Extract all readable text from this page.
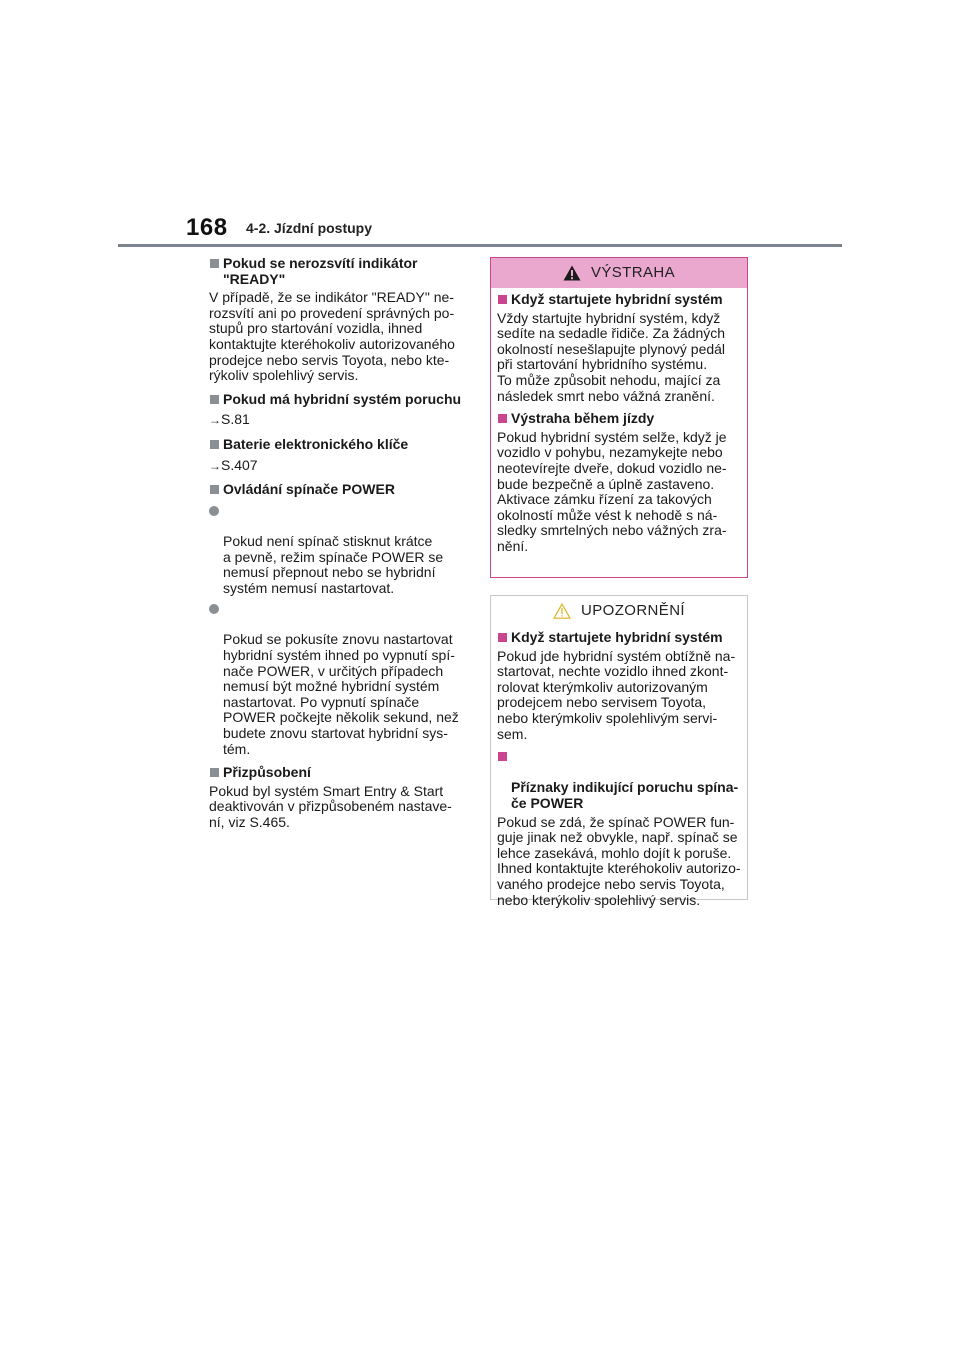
168 4-2. Jízdní postupy

Pokud se nerozsvítí indikátor "READY"

V případě, že se indikátor "READY" ne-
rozsvítí ani po provedení správných po-
stupů pro startování vozidla, ihned
kontaktujte kteréhokoliv autorizovaného
prodejce nebo servis Toyota, nebo kte-
rýkoliv spolehlivý servis.

Pokud má hybridní systém poruchu

→S.81

Baterie elektronického klíče

→S.407

Ovládání spínače POWER

Pokud není spínač stisknut krátce
a pevně, režim spínače POWER se
nemusí přepnout nebo se hybridní
systém nemusí nastartovat.

Pokud se pokusíte znovu nastartovat
hybridní systém ihned po vypnutí spí-
nače POWER, v určitých případech
nemusí být možné hybridní systém
nastartovat. Po vypnutí spínače
POWER počkejte několik sekund, než
budete znovu startovat hybridní sys-
tém.

Přizpůsobení

Pokud byl systém Smart Entry & Start
deaktivován v přizpůsobeném nastave-
ní, viz S.465.

VÝSTRAHA

Když startujete hybridní systém

Vždy startujte hybridní systém, když
sedíte na sedadle řidiče. Za žádných
okolností nesešlapujte plynový pedál
při startování hybridního systému.
To může způsobit nehodu, mající za
následek smrt nebo vážná zranění.

Výstraha během jízdy

Pokud hybridní systém selže, když je
vozidlo v pohybu, nezamykejte nebo
neotevírejte dveře, dokud vozidlo ne-
bude bezpečně a úplně zastaveno.
Aktivace zámku řízení za takových
okolností může vést k nehodě s ná-
sledky smrtelných nebo vážných zra-
nění.

UPOZORNĚNÍ

Když startujete hybridní systém

Pokud jde hybridní systém obtížně na-
startovat, nechte vozidlo ihned zkont-
rolovat kterýmkoliv autorizovaným
prodejcem nebo servisem Toyota,
nebo kterýmkoliv spolehlivým servi-
sem.

Příznaky indikující poruchu spína-
če POWER

Pokud se zdá, že spínač POWER fun-
guje jinak než obvykle, např. spínač se
lehce zasekává, mohlo dojít k poruše.
Ihned kontaktujte kteréhokoliv autorizo-
vaného prodejce nebo servis Toyota,
nebo kterýkoliv spolehlivý servis.
